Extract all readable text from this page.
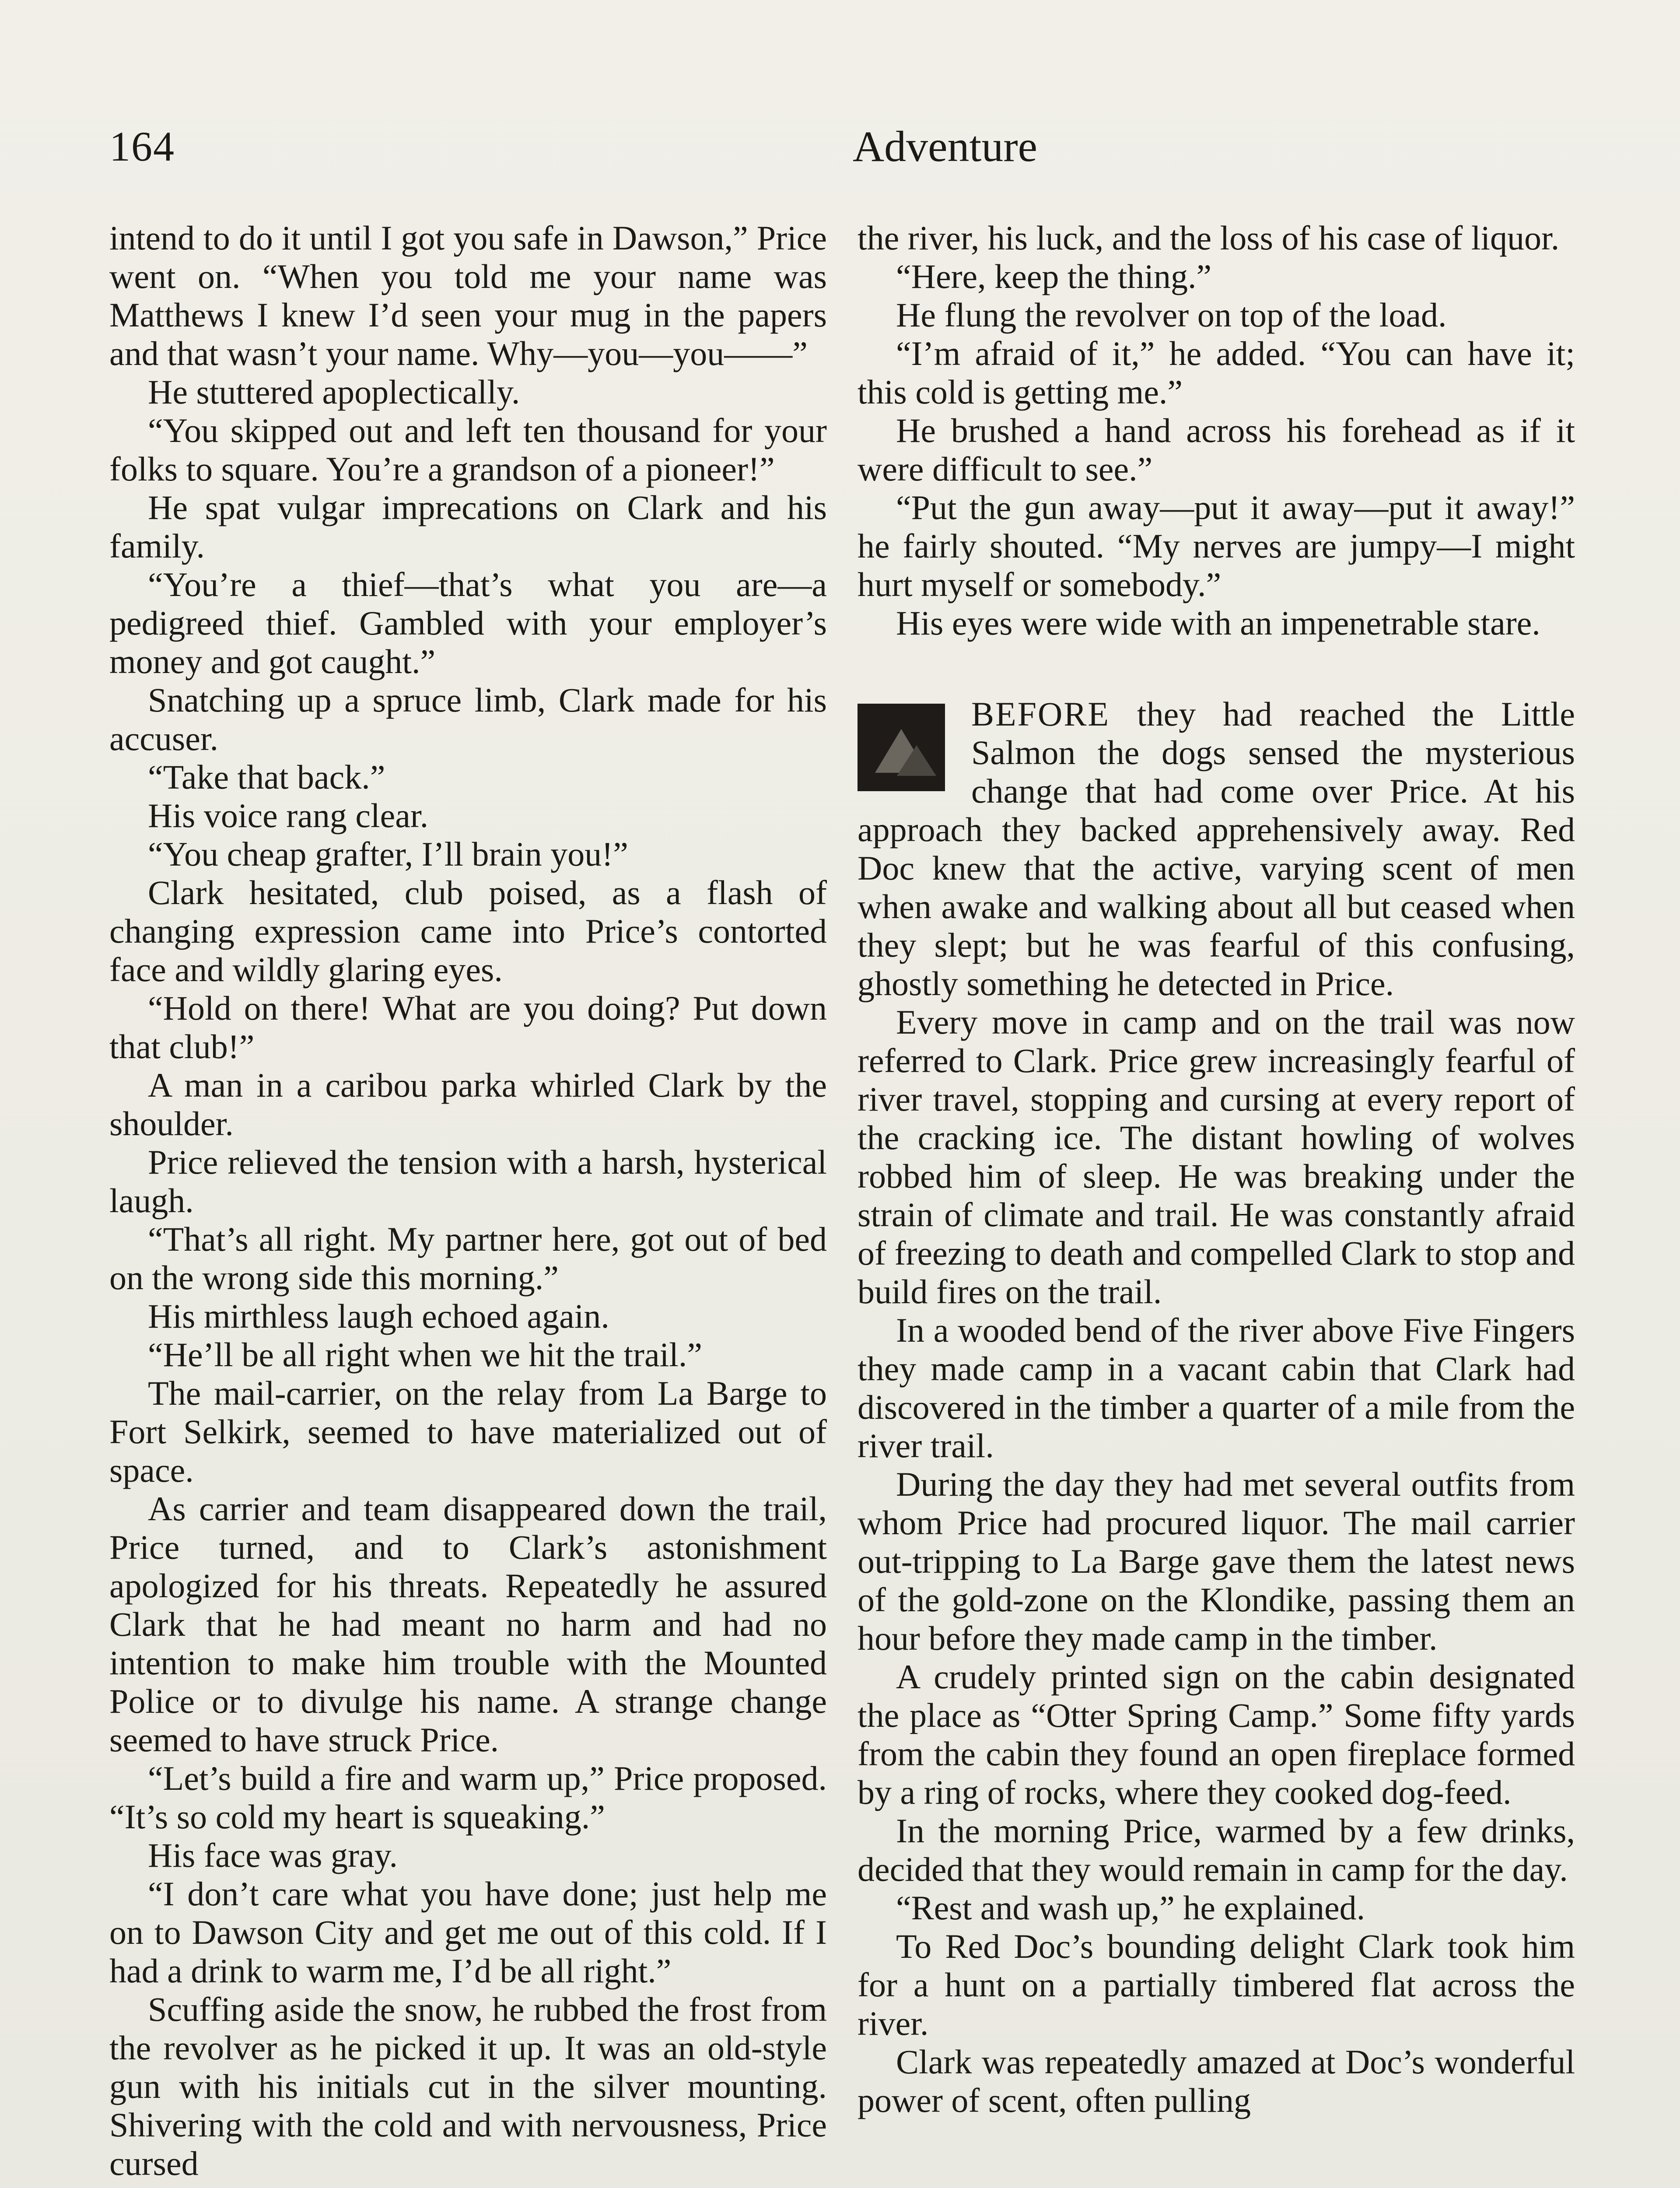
164	Adventure

intend to do it until I got you safe in Dawson,” Price went on. “When you told me your name was Matthews I knew I’d seen your mug in the papers and that wasn’t your name. Why—you—you——”

He stuttered apoplectically.

“You skipped out and left ten thousand for your folks to square. You’re a grandson of a pioneer!”

He spat vulgar imprecations on Clark and his family.

“You’re a thief—that’s what you are—a pedigreed thief. Gambled with your employer’s money and got caught.”

Snatching up a spruce limb, Clark made for his accuser.

“Take that back.”

His voice rang clear.

“You cheap grafter, I’ll brain you!”

Clark hesitated, club poised, as a flash of changing expression came into Price’s contorted face and wildly glaring eyes.

“Hold on there! What are you doing? Put down that club!”

A man in a caribou parka whirled Clark by the shoulder.

Price relieved the tension with a harsh, hysterical laugh.

“That’s all right. My partner here, got out of bed on the wrong side this morning.”

His mirthless laugh echoed again.

“He’ll be all right when we hit the trail.”

The mail-carrier, on the relay from La Barge to Fort Selkirk, seemed to have materialized out of space.

As carrier and team disappeared down the trail, Price turned, and to Clark’s astonishment apologized for his threats. Repeatedly he assured Clark that he had meant no harm and had no intention to make him trouble with the Mounted Police or to divulge his name. A strange change seemed to have struck Price.

“Let’s build a fire and warm up,” Price proposed. “It’s so cold my heart is squeaking.”

His face was gray.

“I don’t care what you have done; just help me on to Dawson City and get me out of this cold. If I had a drink to warm me, I’d be all right.”

Scuffing aside the snow, he rubbed the frost from the revolver as he picked it up. It was an old-style gun with his initials cut in the silver mounting. Shivering with the cold and with nervousness, Price cursed

the river, his luck, and the loss of his case of liquor.

“Here, keep the thing.”

He flung the revolver on top of the load.

“I’m afraid of it,” he added. “You can have it; this cold is getting me.”

He brushed a hand across his forehead as if it were difficult to see.”

“Put the gun away—put it away—put it away!” he fairly shouted. “My nerves are jumpy—I might hurt myself or somebody.”

His eyes were wide with an impenetrable stare.

BEFORE they had reached the Little Salmon the dogs sensed the mysterious change that had come over Price. At his approach they backed apprehensively away. Red Doc knew that the active, varying scent of men when awake and walking about all but ceased when they slept; but he was fearful of this confusing, ghostly something he detected in Price.

Every move in camp and on the trail was now referred to Clark. Price grew increasingly fearful of river travel, stopping and cursing at every report of the cracking ice. The distant howling of wolves robbed him of sleep. He was breaking under the strain of climate and trail. He was constantly afraid of freezing to death and compelled Clark to stop and build fires on the trail.

In a wooded bend of the river above Five Fingers they made camp in a vacant cabin that Clark had discovered in the timber a quarter of a mile from the river trail.

During the day they had met several outfits from whom Price had procured liquor. The mail carrier out-tripping to La Barge gave them the latest news of the gold-zone on the Klondike, passing them an hour before they made camp in the timber.

A crudely printed sign on the cabin designated the place as “Otter Spring Camp.” Some fifty yards from the cabin they found an open fireplace formed by a ring of rocks, where they cooked dog-feed.

In the morning Price, warmed by a few drinks, decided that they would remain in camp for the day.

“Rest and wash up,” he explained.

To Red Doc’s bounding delight Clark took him for a hunt on a partially timbered flat across the river.

Clark was repeatedly amazed at Doc’s wonderful power of scent, often pulling
